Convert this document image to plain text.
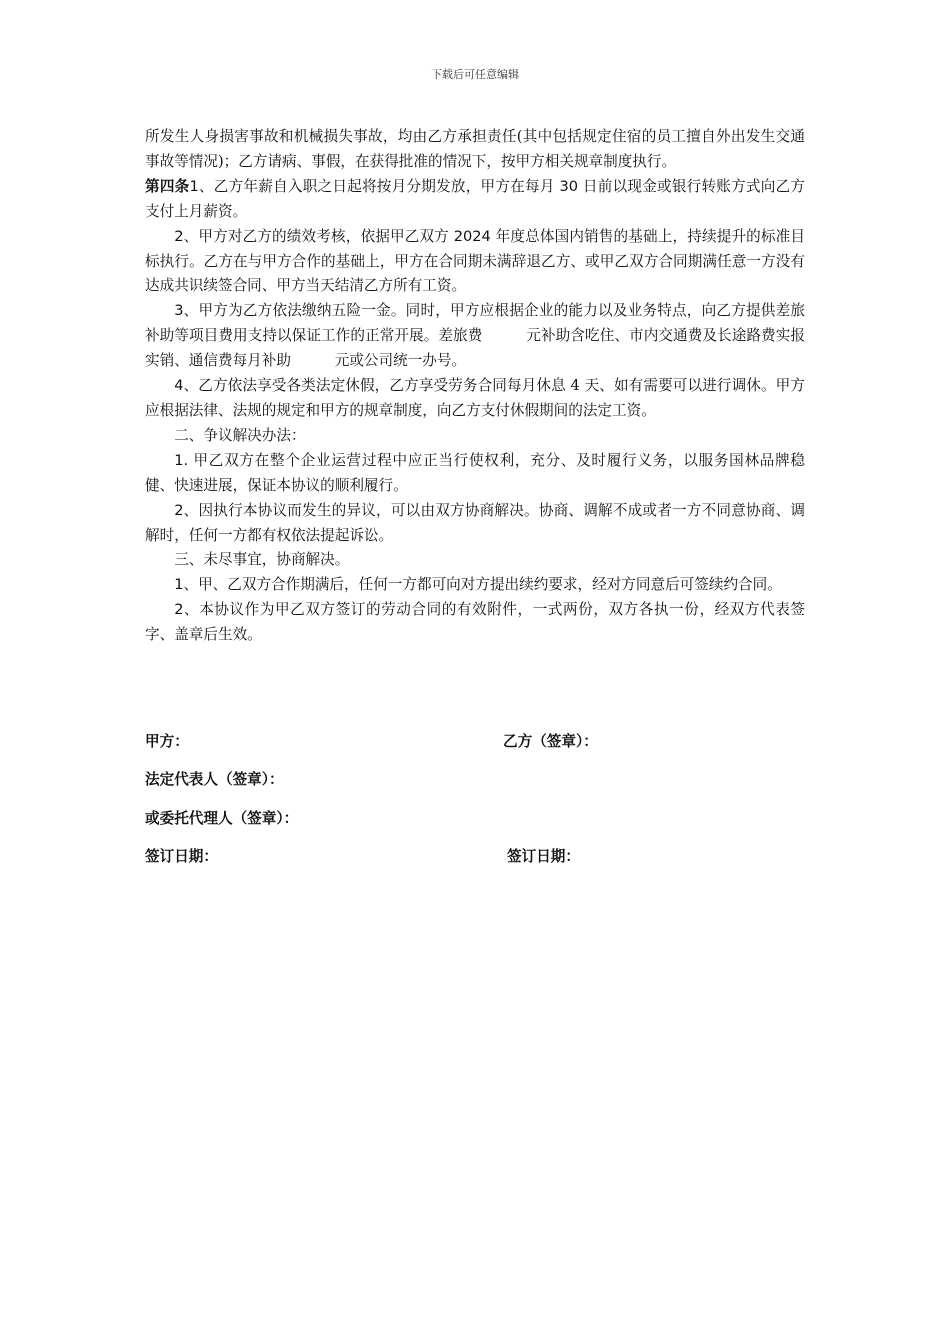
下载后可任意编辑

所发生人身损害事故和机械损失事故，均由乙方承担责任(其中包括规定住宿的员工擅自外出发生交通事故等情况)；乙方请病、事假，在获得批准的情况下，按甲方相关规章制度执行。

第四条1、乙方年薪自入职之日起将按月分期发放，甲方在每月 30 日前以现金或银行转账方式向乙方支付上月薪资。

2、甲方对乙方的绩效考核，依据甲乙双方 2024 年度总体国内销售的基础上，持续提升的标准目标执行。乙方在与甲方合作的基础上，甲方在合同期未满辞退乙方、或甲乙双方合同期满任意一方没有达成共识续签合同、甲方当天结清乙方所有工资。

3、甲方为乙方依法缴纳五险一金。同时，甲方应根据企业的能力以及业务特点，向乙方提供差旅补助等项目费用支持以保证工作的正常开展。差旅费　　　元补助含吃住、市内交通费及长途路费实报实销、通信费每月补助　　　元或公司统一办号。

4、乙方依法享受各类法定休假，乙方享受劳务合同每月休息 4 天、如有需要可以进行调休。甲方应根据法律、法规的规定和甲方的规章制度，向乙方支付休假期间的法定工资。

二、争议解决办法：

1. 甲乙双方在整个企业运营过程中应正当行使权利，充分、及时履行义务，以服务国林品牌稳健、快速进展，保证本协议的顺利履行。

2、因执行本协议而发生的异议，可以由双方协商解决。协商、调解不成或者一方不同意协商、调解时，任何一方都有权依法提起诉讼。

三、未尽事宜，协商解决。

1、甲、乙双方合作期满后，任何一方都可向对方提出续约要求，经对方同意后可签续约合同。

2、本协议作为甲乙双方签订的劳动合同的有效附件，一式两份，双方各执一份，经双方代表签字、盖章后生效。

甲方：	乙方（签章）：
法定代表人（签章）：
或委托代理人（签章）：
签订日期：	签订日期：
